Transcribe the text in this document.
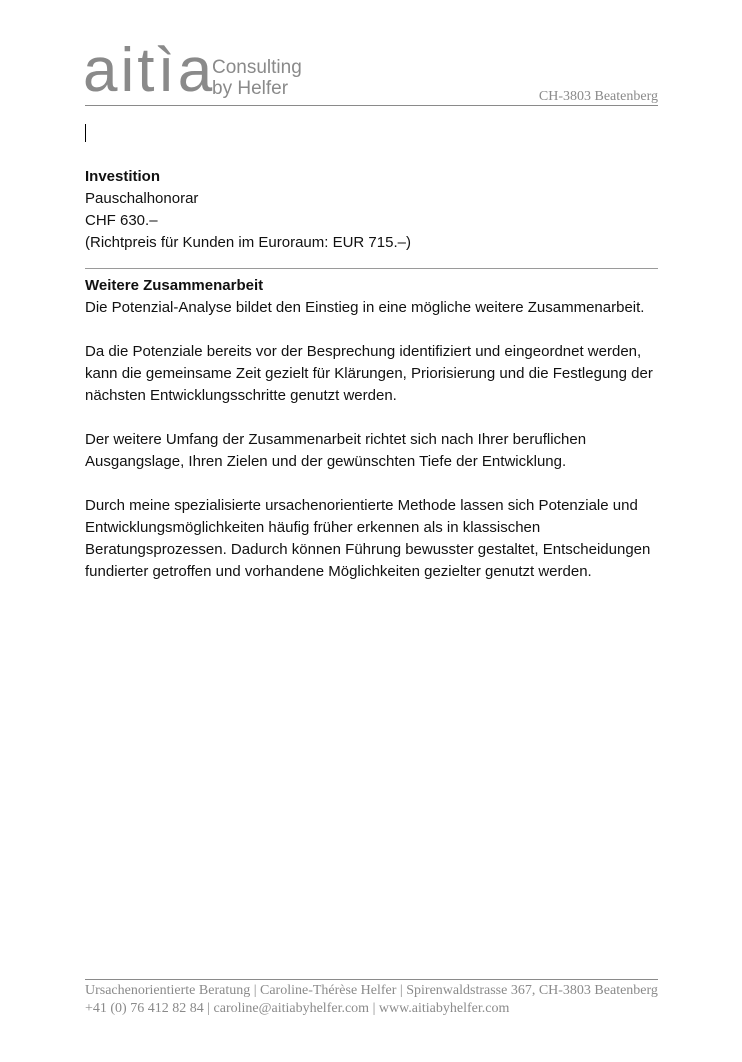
aitìa
Consulting
by Helfer	CH-3803 Beatenberg

Investition

Pauschalhonorar

CHF 630.–

(Richtpreis für Kunden im Euroraum: EUR 715.–)

Weitere Zusammenarbeit

Die Potenzial-Analyse bildet den Einstieg in eine mögliche weitere Zusammenarbeit.

Da die Potenziale bereits vor der Besprechung identifiziert und eingeordnet werden, kann die gemeinsame Zeit gezielt für Klärungen, Priorisierung und die Festlegung der nächsten Entwicklungsschritte genutzt werden.

Der weitere Umfang der Zusammenarbeit richtet sich nach Ihrer beruflichen Ausgangslage, Ihren Zielen und der gewünschten Tiefe der Entwicklung.

Durch meine spezialisierte ursachenorientierte Methode lassen sich Potenziale und Entwicklungsmöglichkeiten häufig früher erkennen als in klassischen Beratungsprozessen. Dadurch können Führung bewusster gestaltet, Entscheidungen fundierter getroffen und vorhandene Möglichkeiten gezielter genutzt werden.

Ursachenorientierte Beratung | Caroline-Thérèse Helfer | Spirenwaldstrasse 367, CH-3803 Beatenberg
+41 (0) 76 412 82 84 | caroline@aitiabyhelfer.com | www.aitiabyhelfer.com
